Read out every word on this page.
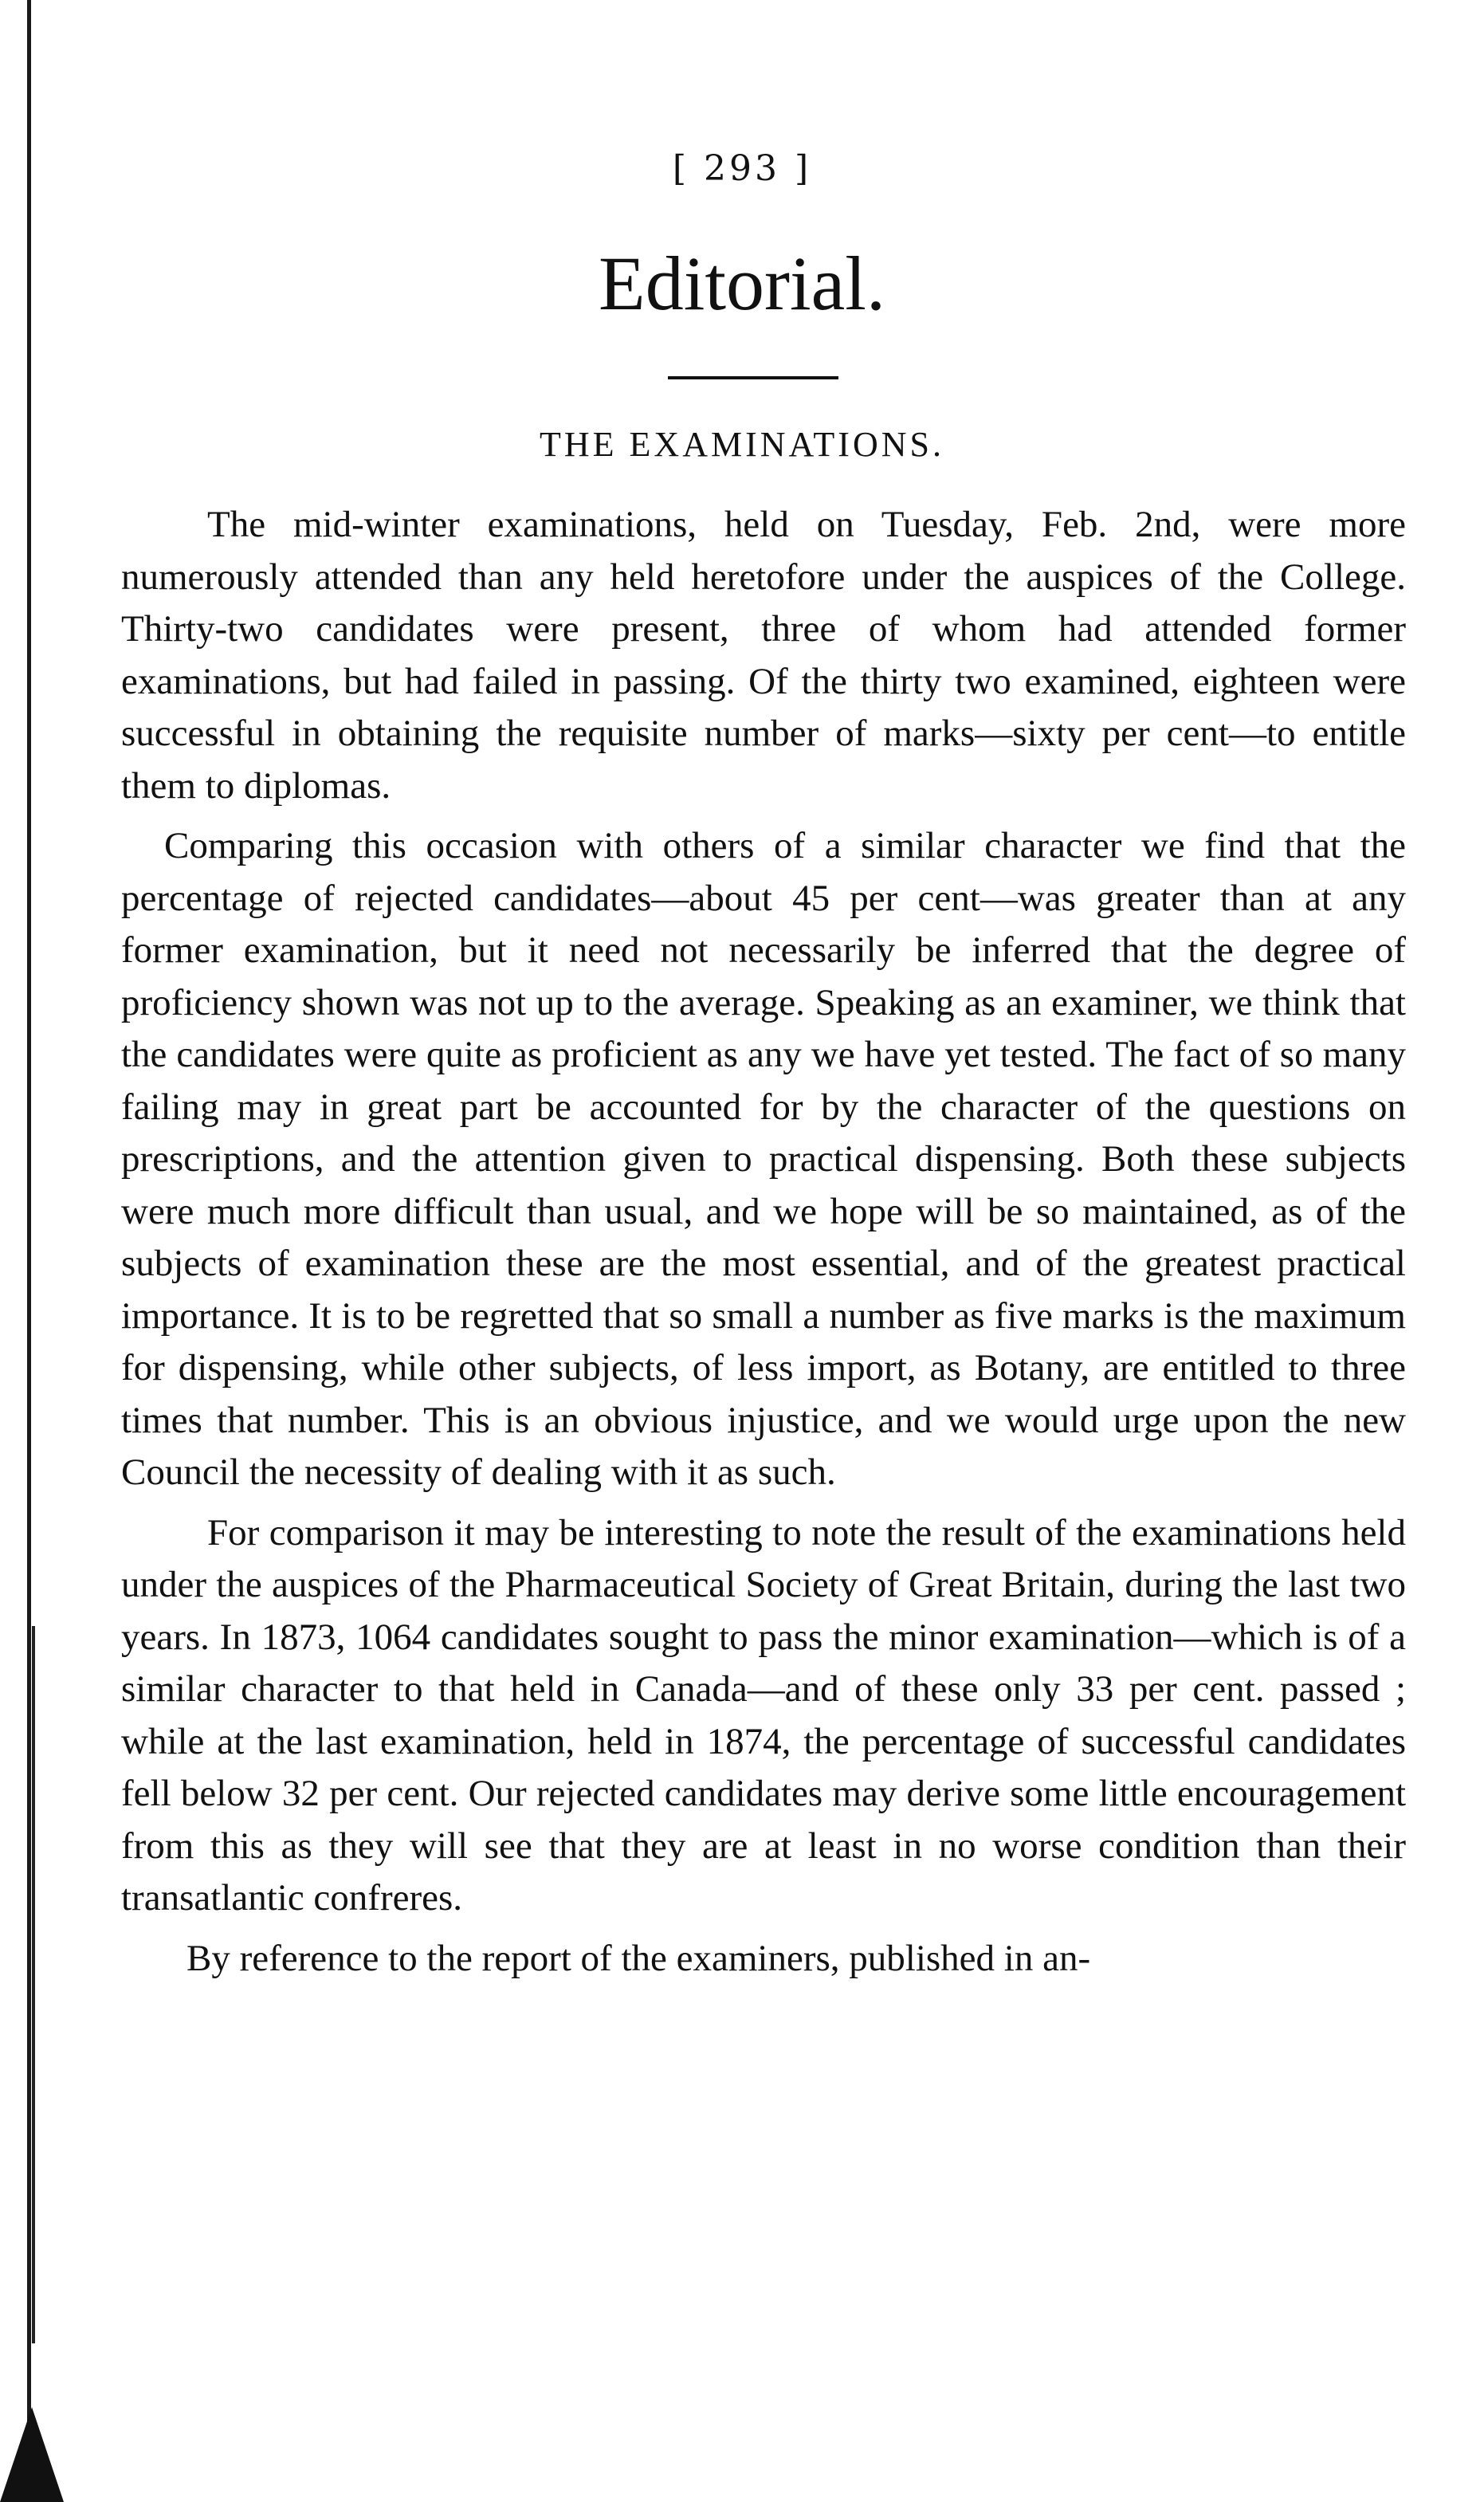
[ 293 ]
Editorial.
THE EXAMINATIONS.

The mid-winter examinations, held on Tuesday, Feb. 2nd, were more numerously attended than any held heretofore under the auspices of the College. Thirty-two candidates were present, three of whom had attended former examinations, but had failed in passing. Of the thirty two examined, eighteen were successful in obtaining the requisite number of marks—sixty per cent—to entitle them to diplomas.

Comparing this occasion with others of a similar character we find that the percentage of rejected candidates—about 45 per cent—was greater than at any former examination, but it need not necessarily be inferred that the degree of proficiency shown was not up to the average. Speaking as an examiner, we think that the candidates were quite as proficient as any we have yet tested. The fact of so many failing may in great part be accounted for by the character of the questions on prescriptions, and the attention given to practical dispensing. Both these subjects were much more difficult than usual, and we hope will be so maintained, as of the subjects of examination these are the most essential, and of the greatest practical importance. It is to be regretted that so small a number as five marks is the maximum for dispensing, while other subjects, of less import, as Botany, are entitled to three times that number. This is an obvious injustice, and we would urge upon the new Council the necessity of dealing with it as such.

For comparison it may be interesting to note the result of the examinations held under the auspices of the Pharmaceutical Society of Great Britain, during the last two years. In 1873, 1064 candidates sought to pass the minor examination—which is of a similar character to that held in Canada—and of these only 33 per cent. passed ; while at the last examination, held in 1874, the percentage of successful candidates fell below 32 per cent. Our rejected candidates may derive some little encouragement from this as they will see that they are at least in no worse condition than their transatlantic confreres.

By reference to the report of the examiners, published in an-
